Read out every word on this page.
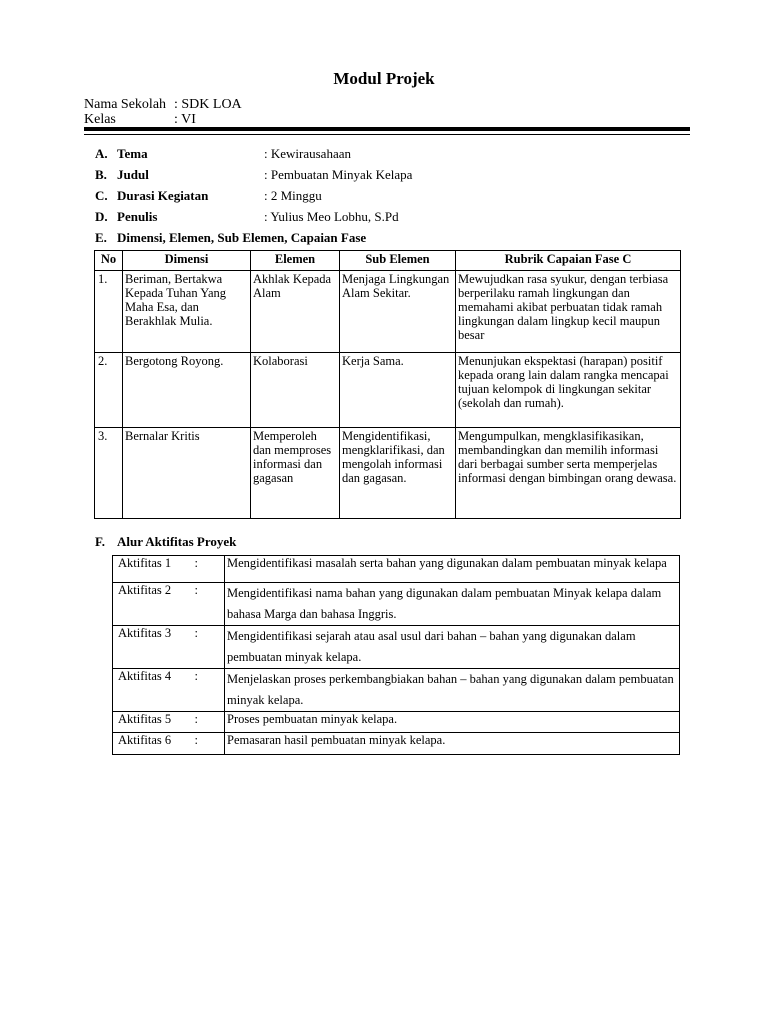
Modul Projek
Nama Sekolah : SDK LOA
Kelas	: VI
A. Tema	: Kewirausahaan
B. Judul	: Pembuatan Minyak Kelapa
C. Durasi Kegiatan	: 2 Minggu
D. Penulis	: Yulius Meo Lobhu, S.Pd
E. Dimensi, Elemen, Sub Elemen, Capaian Fase
No	Dimensi	Elemen	Sub Elemen	Rubrik Capaian Fase C
1.	Beriman, Bertakwa Kepada Tuhan Yang Maha Esa, dan Berakhlak Mulia.	Akhlak Kepada Alam	Menjaga Lingkungan Alam Sekitar.	Mewujudkan rasa syukur, dengan terbiasa berperilaku ramah lingkungan dan memahami akibat perbuatan tidak ramah lingkungan dalam lingkup kecil maupun besar
2.	Bergotong Royong.	Kolaborasi	Kerja Sama.	Menunjukan ekspektasi (harapan) positif kepada orang lain dalam rangka mencapai tujuan kelompok di lingkungan sekitar (sekolah dan rumah).
3.	Bernalar Kritis	Memperoleh dan memproses informasi dan gagasan	Mengidentifikasi, mengklarifikasi, dan mengolah informasi dan gagasan.	Mengumpulkan, mengklasifikasikan, membandingkan dan memilih informasi dari berbagai sumber serta memperjelas informasi dengan bimbingan orang dewasa.
F. Alur Aktifitas Proyek
Aktifitas 1	:	Mengidentifikasi masalah serta bahan yang digunakan dalam pembuatan minyak kelapa
Aktifitas 2	:	Mengidentifikasi nama bahan yang digunakan dalam pembuatan Minyak kelapa dalam bahasa Marga dan bahasa Inggris.
Aktifitas 3	:	Mengidentifikasi sejarah atau asal usul dari bahan – bahan yang digunakan dalam pembuatan minyak kelapa.
Aktifitas 4	:	Menjelaskan proses perkembangbiakan bahan – bahan yang digunakan dalam pembuatan minyak kelapa.
Aktifitas 5	:	Proses pembuatan minyak kelapa.
Aktifitas 6	:	Pemasaran hasil pembuatan minyak kelapa.
